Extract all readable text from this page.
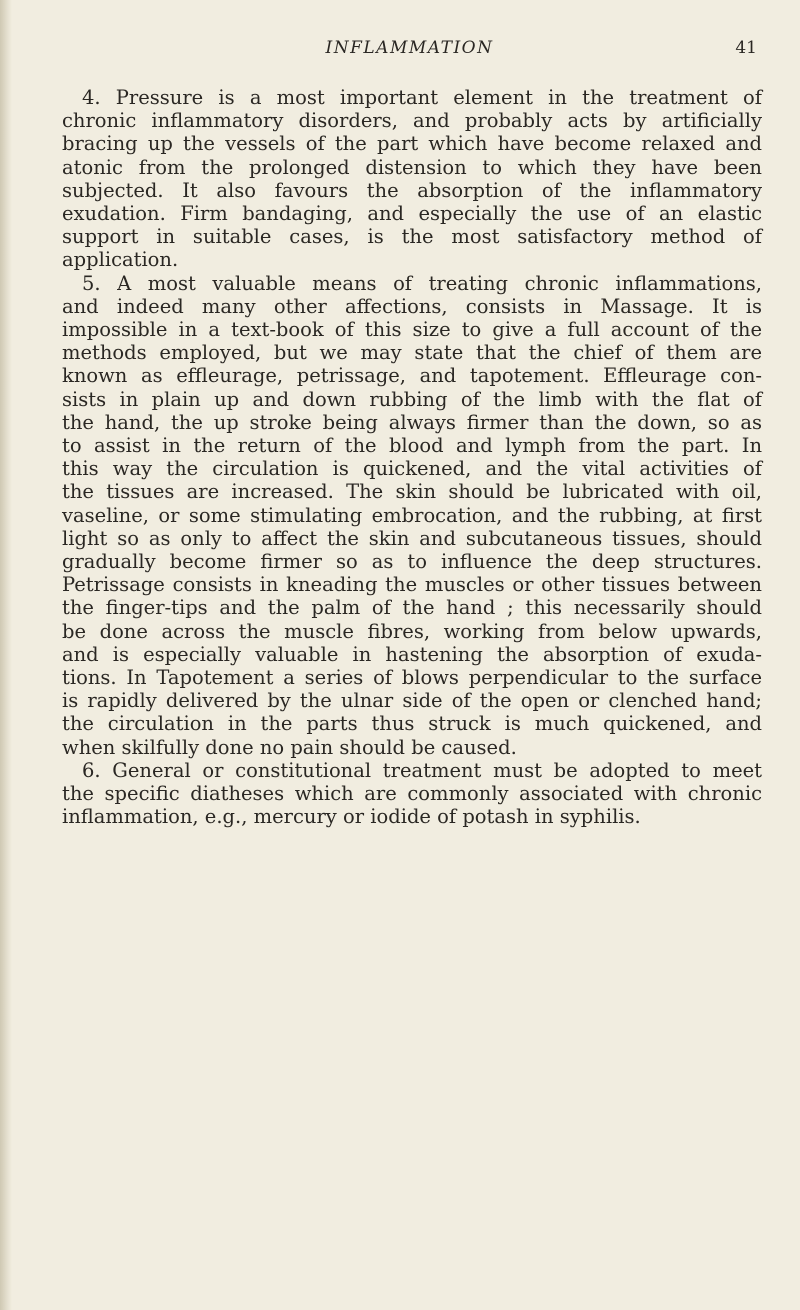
INFLAMMATION	41
4. Pressure is a most important element in the treatment of
chronic inflammatory disorders, and probably acts by artificially
bracing up the vessels of the part which have become relaxed and
atonic from the prolonged distension to which they have been
subjected. It also favours the absorption of the inflammatory
exudation. Firm bandaging, and especially the use of an elastic
support in suitable cases, is the most satisfactory method of
application.
5. A most valuable means of treating chronic inflammations,
and indeed many other affections, consists in Massage. It is
impossible in a text-book of this size to give a full account of the
methods employed, but we may state that the chief of them are
known as effleurage, petrissage, and tapotement. Effleurage con-
sists in plain up and down rubbing of the limb with the flat of
the hand, the up stroke being always firmer than the down, so as
to assist in the return of the blood and lymph from the part. In
this way the circulation is quickened, and the vital activities of
the tissues are increased. The skin should be lubricated with oil,
vaseline, or some stimulating embrocation, and the rubbing, at first
light so as only to affect the skin and subcutaneous tissues, should
gradually become firmer so as to influence the deep structures.
Petrissage consists in kneading the muscles or other tissues between
the finger-tips and the palm of the hand ; this necessarily should
be done across the muscle fibres, working from below upwards,
and is especially valuable in hastening the absorption of exuda-
tions. In Tapotement a series of blows perpendicular to the surface
is rapidly delivered by the ulnar side of the open or clenched hand;
the circulation in the parts thus struck is much quickened, and
when skilfully done no pain should be caused.
6. General or constitutional treatment must be adopted to meet
the specific diatheses which are commonly associated with chronic
inflammation, e.g., mercury or iodide of potash in syphilis.
